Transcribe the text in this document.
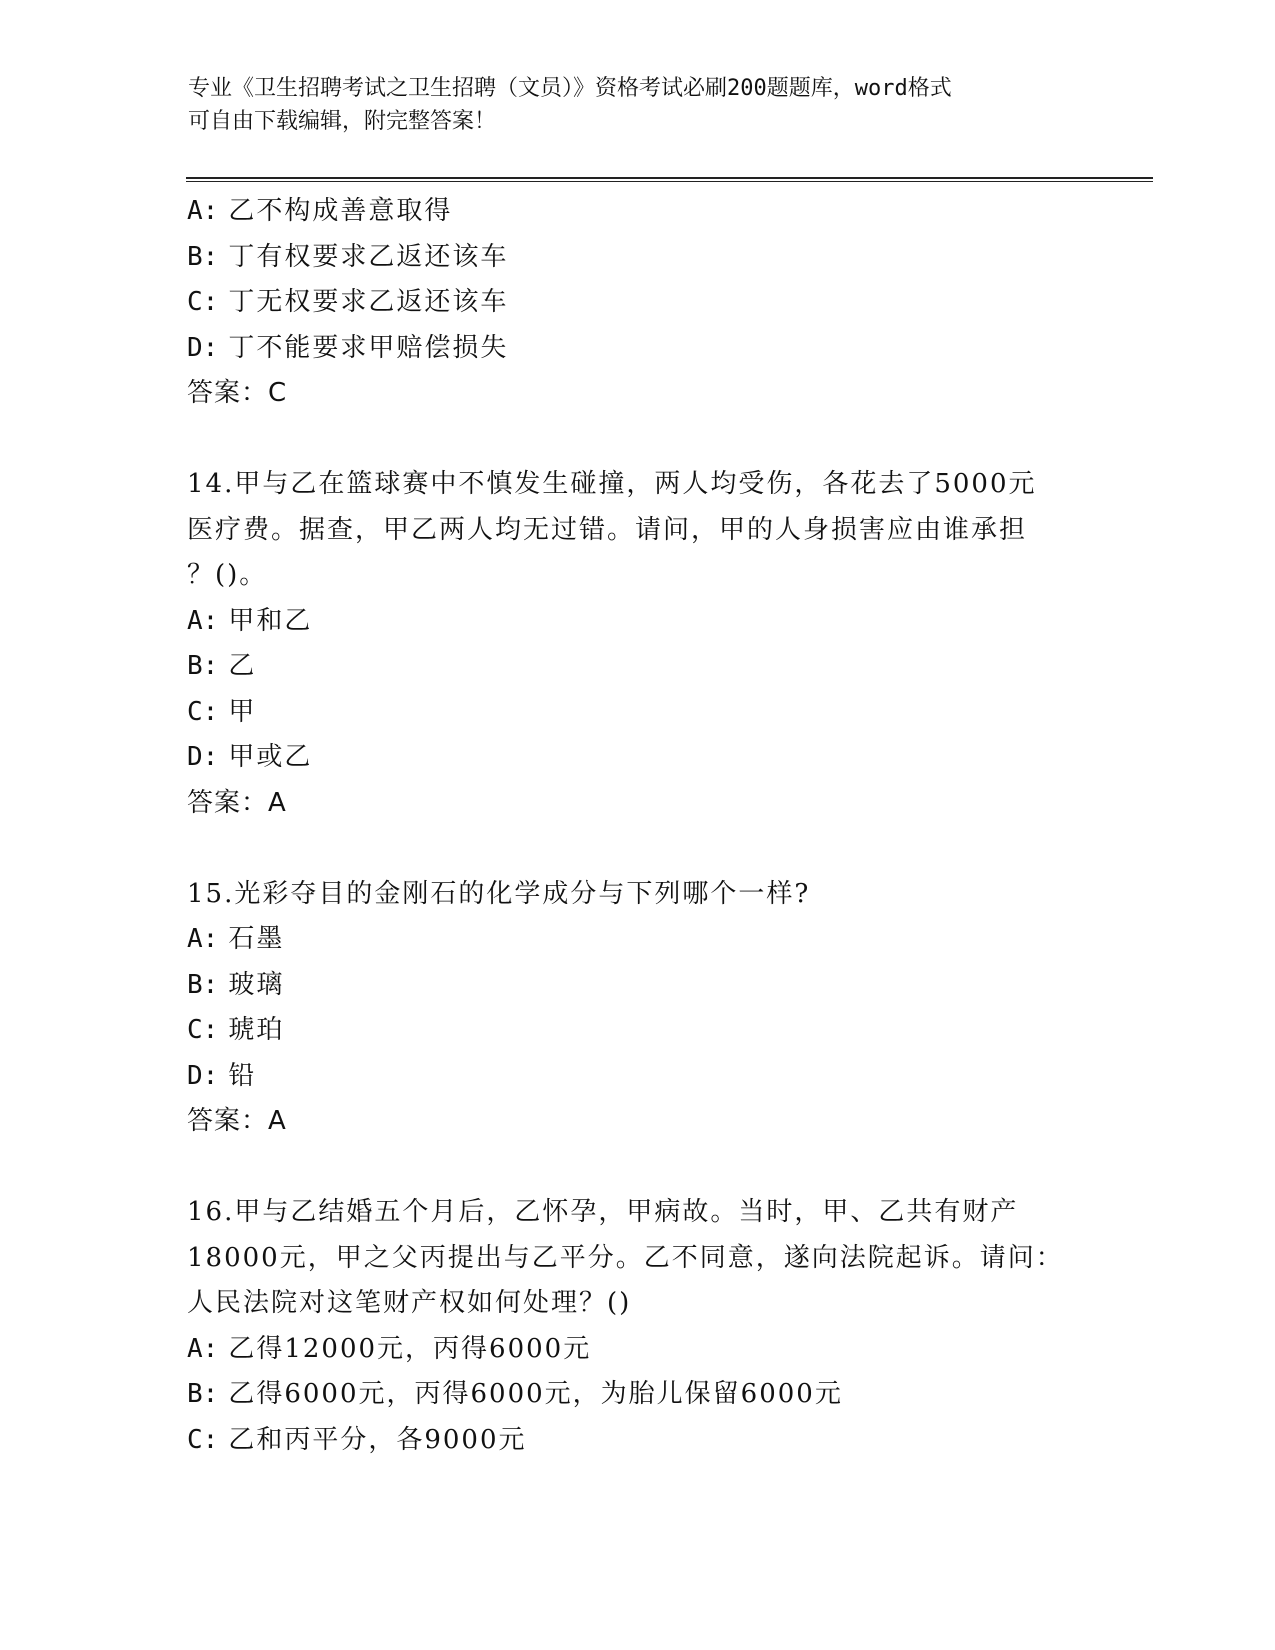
专业《卫生招聘考试之卫生招聘（文员）》资格考试必刷200题题库，word格式
可自由下载编辑，附完整答案！
A: 乙不构成善意取得
B: 丁有权要求乙返还该车
C: 丁无权要求乙返还该车
D: 丁不能要求甲赔偿损失
答案：C
14.甲与乙在篮球赛中不慎发生碰撞，两人均受伤，各花去了5000元
医疗费。据查，甲乙两人均无过错。请问，甲的人身损害应由谁承担
？()。
A: 甲和乙
B: 乙
C: 甲
D: 甲或乙
答案：A
15.光彩夺目的金刚石的化学成分与下列哪个一样?
A: 石墨
B: 玻璃
C: 琥珀
D: 铅
答案：A
16.甲与乙结婚五个月后，乙怀孕，甲病故。当时，甲、乙共有财产
18000元，甲之父丙提出与乙平分。乙不同意，遂向法院起诉。请问：
人民法院对这笔财产权如何处理？()
A: 乙得12000元，丙得6000元
B: 乙得6000元，丙得6000元，为胎儿保留6000元
C: 乙和丙平分，各9000元
